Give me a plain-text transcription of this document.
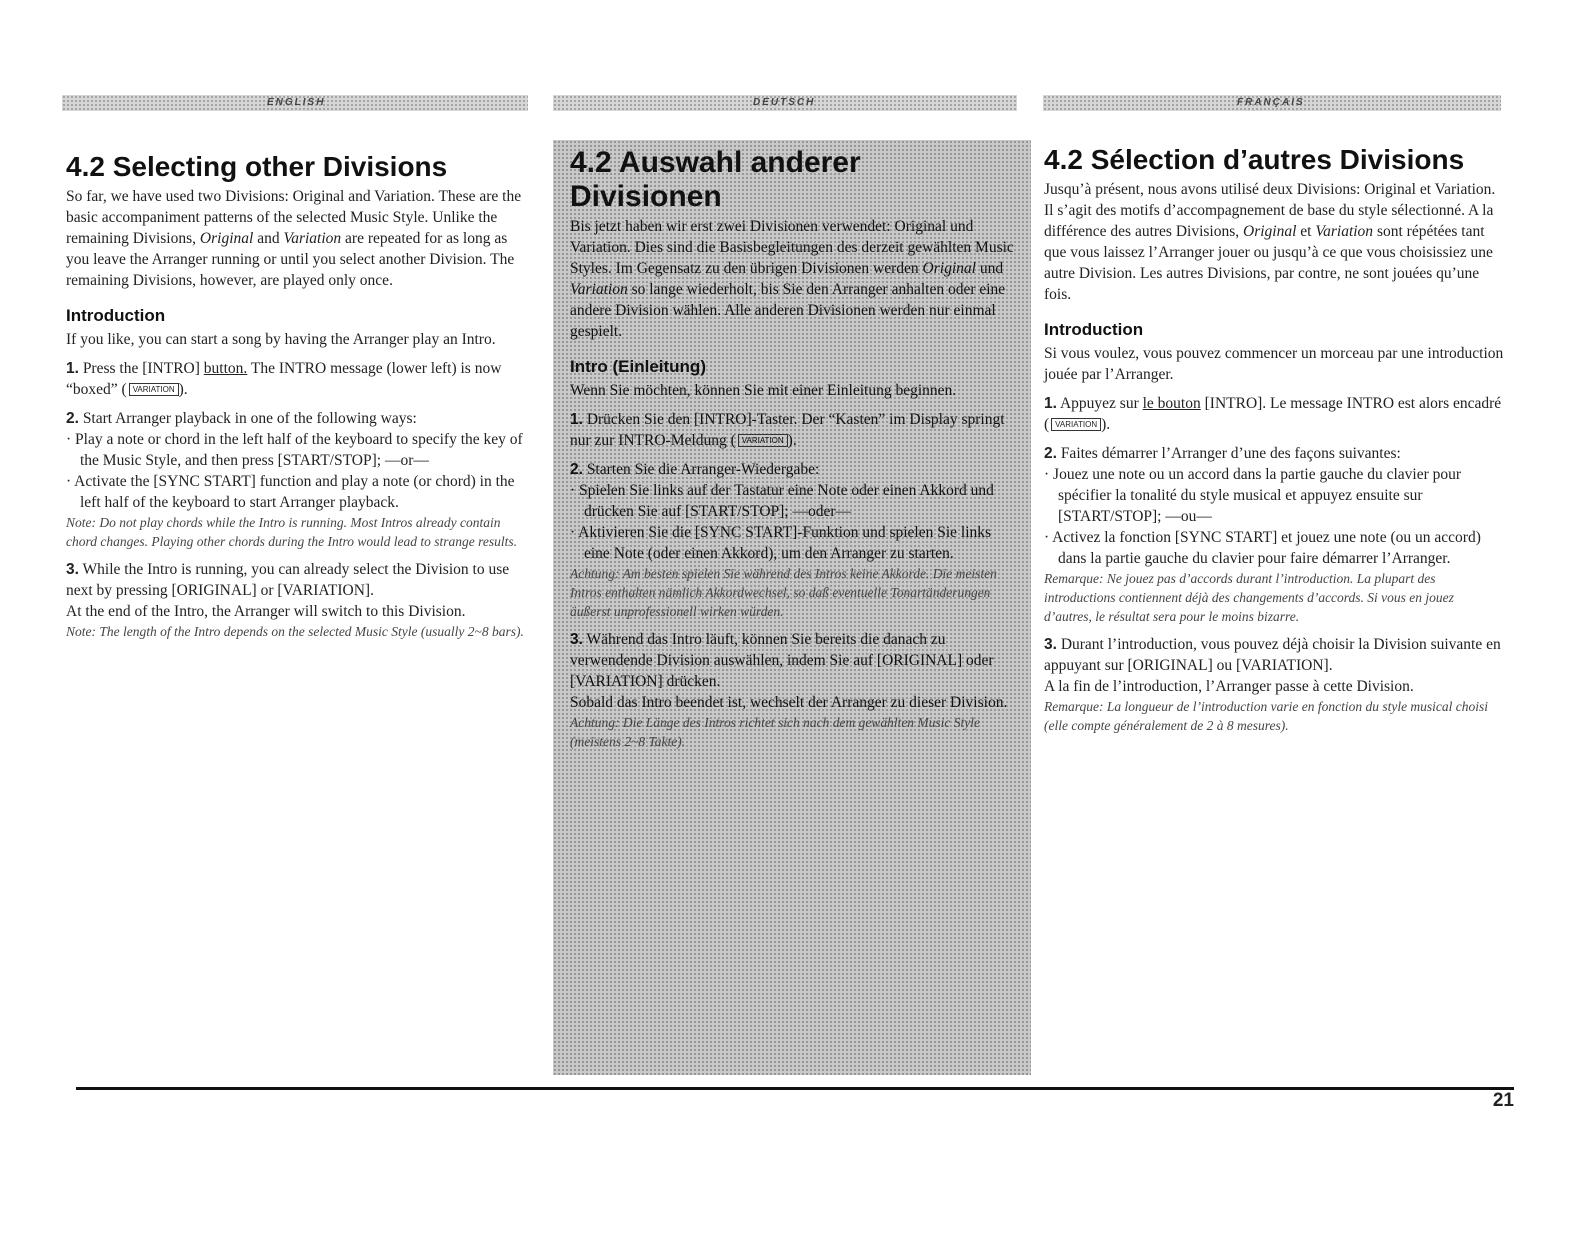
ENGLISH	DEUTSCH	FRANÇAIS
4.2 Selecting other Divisions

So far, we have used two Divisions: Original and Variation. These are the basic accompaniment patterns of the selected Music Style. Unlike the remaining Divisions, Original and Variation are repeated for as long as you leave the Arranger running or until you select another Division. The remaining Divisions, however, are played only once.

Introduction

If you like, you can start a song by having the Arranger play an Intro.

1. Press the [INTRO] button. The INTRO message (lower left) is now “boxed” ( VARIATION ).

2. Start Arranger playback in one of the following ways:

· Play a note or chord in the left half of the keyboard to specify the key of the Music Style, and then press [START/STOP]; —or—

· Activate the [SYNC START] function and play a note (or chord) in the left half of the keyboard to start Arranger playback.

Note: Do not play chords while the Intro is running. Most Intros already contain chord changes. Playing other chords during the Intro would lead to strange results.

3. While the Intro is running, you can already select the Division to use next by pressing [ORIGINAL] or [VARIATION].

At the end of the Intro, the Arranger will switch to this Division.

Note: The length of the Intro depends on the selected Music Style (usually 2~8 bars).

4.2 Auswahl anderer Divisionen

Bis jetzt haben wir erst zwei Divisionen verwendet: Original und Variation. Dies sind die Basisbegleitungen des derzeit gewählten Music Styles. Im Gegensatz zu den übrigen Divisionen werden Original und Variation so lange wiederholt, bis Sie den Arranger anhalten oder eine andere Division wählen. Alle anderen Divisionen werden nur einmal gespielt.

Intro (Einleitung)

Wenn Sie möchten, können Sie mit einer Einleitung beginnen.

1. Drücken Sie den [INTRO]-Taster. Der “Kasten” im Display springt nur zur INTRO-Meldung ( VARIATION ).

2. Starten Sie die Arranger-Wiedergabe:

· Spielen Sie links auf der Tastatur eine Note oder einen Akkord und drücken Sie auf [START/STOP]; —oder—

· Aktivieren Sie die [SYNC START]-Funktion und spielen Sie links eine Note (oder einen Akkord), um den Arranger zu starten.

Achtung: Am besten spielen Sie während des Intros keine Akkorde. Die meisten Intros enthalten nämlich Akkordwechsel, so daß eventuelle Tonartänderungen äußerst unprofessionell wirken würden.

3. Während das Intro läuft, können Sie bereits die danach zu verwendende Division auswählen, indem Sie auf [ORIGINAL] oder [VARIATION] drücken.

Sobald das Intro beendet ist, wechselt der Arranger zu dieser Division.

Achtung: Die Länge des Intros richtet sich nach dem gewählten Music Style (meistens 2~8 Takte).

4.2 Sélection d’autres Divisions

Jusqu’à présent, nous avons utilisé deux Divisions: Original et Variation. Il s’agit des motifs d’accompagnement de base du style sélectionné. A la différence des autres Divisions, Original et Variation sont répétées tant que vous laissez l’Arranger jouer ou jusqu’à ce que vous choisissiez une autre Division. Les autres Divisions, par contre, ne sont jouées qu’une fois.

Introduction

Si vous voulez, vous pouvez commencer un morceau par une introduction jouée par l’Arranger.

1. Appuyez sur le bouton [INTRO]. Le message INTRO est alors encadré ( VARIATION ).

2. Faites démarrer l’Arranger d’une des façons suivantes:

· Jouez une note ou un accord dans la partie gauche du clavier pour spécifier la tonalité du style musical et appuyez ensuite sur [START/STOP]; —ou—

· Activez la fonction [SYNC START] et jouez une note (ou un accord) dans la partie gauche du clavier pour faire démarrer l’Arranger.

Remarque: Ne jouez pas d’accords durant l’introduction. La plupart des introductions contiennent déjà des changements d’accords. Si vous en jouez d’autres, le résultat sera pour le moins bizarre.

3. Durant l’introduction, vous pouvez déjà choisir la Division suivante en appuyant sur [ORIGINAL] ou [VARIATION].

A la fin de l’introduction, l’Arranger passe à cette Division.

Remarque: La longueur de l’introduction varie en fonction du style musical choisi (elle compte généralement de 2 à 8 mesures).

21
